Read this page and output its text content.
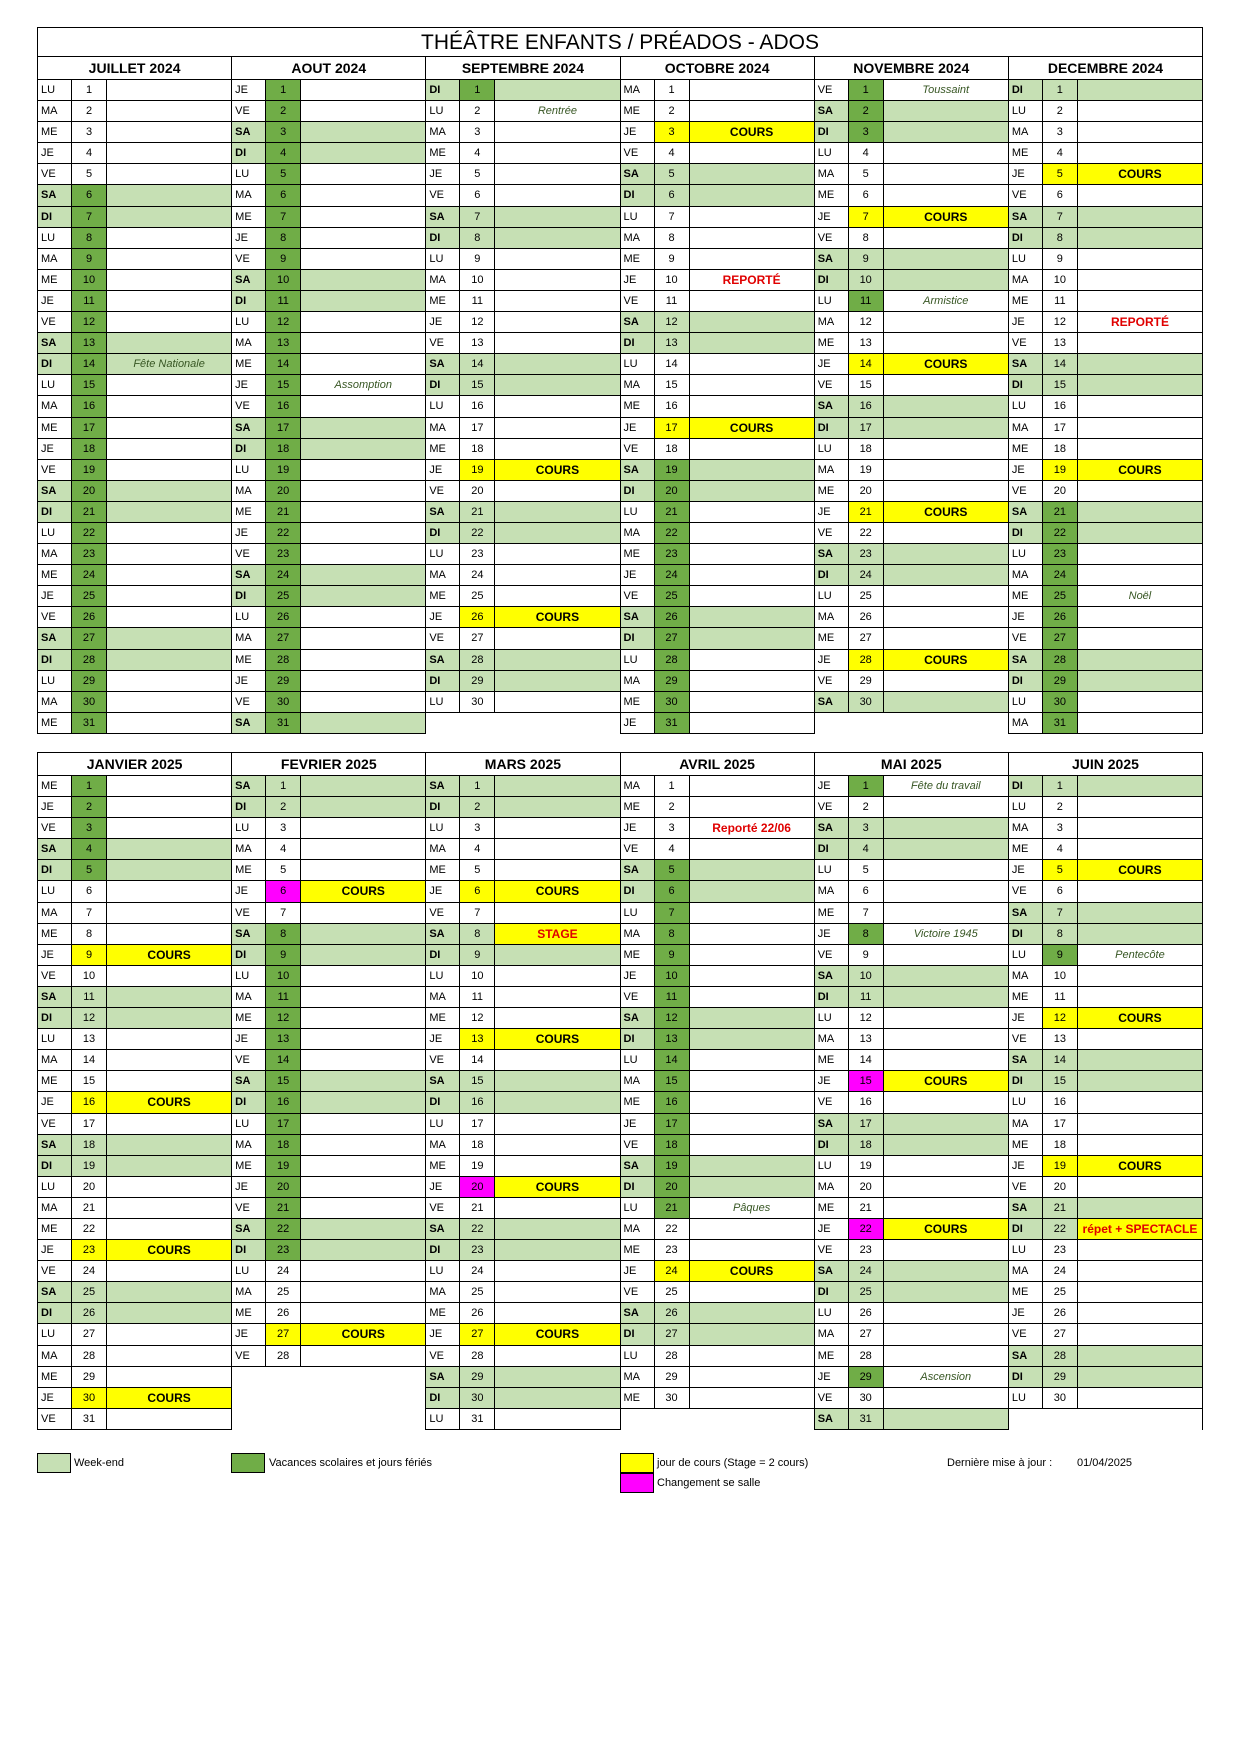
THÉÂTRE ENFANTS / PRÉADOS - ADOS
JUILLET 2024
LU	1
MA	2
ME	3
JE	4
VE	5
SA	6
DI	7
LU	8
MA	9
ME	10
JE	11
VE	12
SA	13
DI	14	Fête Nationale
LU	15
MA	16
ME	17
JE	18
VE	19
SA	20
DI	21
LU	22
MA	23
ME	24
JE	25
VE	26
SA	27
DI	28
LU	29
MA	30
ME	31
AOUT 2024
JE	1
VE	2
SA	3
DI	4
LU	5
MA	6
ME	7
JE	8
VE	9
SA	10
DI	11
LU	12
MA	13
ME	14
JE	15	Assomption
VE	16
SA	17
DI	18
LU	19
MA	20
ME	21
JE	22
VE	23
SA	24
DI	25
LU	26
MA	27
ME	28
JE	29
VE	30
SA	31
SEPTEMBRE 2024
DI	1
LU	2	Rentrée
MA	3
ME	4
JE	5
VE	6
SA	7
DI	8
LU	9
MA	10
ME	11
JE	12
VE	13
SA	14
DI	15
LU	16
MA	17
ME	18
JE	19	COURS
VE	20
SA	21
DI	22
LU	23
MA	24
ME	25
JE	26	COURS
VE	27
SA	28
DI	29
LU	30
OCTOBRE 2024
MA	1
ME	2
JE	3	COURS
VE	4
SA	5
DI	6
LU	7
MA	8
ME	9
JE	10	REPORTÉ
VE	11
SA	12
DI	13
LU	14
MA	15
ME	16
JE	17	COURS
VE	18
SA	19
DI	20
LU	21
MA	22
ME	23
JE	24
VE	25
SA	26
DI	27
LU	28
MA	29
ME	30
JE	31
NOVEMBRE 2024
VE	1	Toussaint
SA	2
DI	3
LU	4
MA	5
ME	6
JE	7	COURS
VE	8
SA	9
DI	10
LU	11	Armistice
MA	12
ME	13
JE	14	COURS
VE	15
SA	16
DI	17
LU	18
MA	19
ME	20
JE	21	COURS
VE	22
SA	23
DI	24
LU	25
MA	26
ME	27
JE	28	COURS
VE	29
SA	30
DECEMBRE 2024
DI	1
LU	2
MA	3
ME	4
JE	5	COURS
VE	6
SA	7
DI	8
LU	9
MA	10
ME	11
JE	12	REPORTÉ
VE	13
SA	14
DI	15
LU	16
MA	17
ME	18
JE	19	COURS
VE	20
SA	21
DI	22
LU	23
MA	24
ME	25	Noël
JE	26
VE	27
SA	28
DI	29
LU	30
MA	31
JANVIER 2025
ME	1
JE	2
VE	3
SA	4
DI	5
LU	6
MA	7
ME	8
JE	9	COURS
VE	10
SA	11
DI	12
LU	13
MA	14
ME	15
JE	16	COURS
VE	17
SA	18
DI	19
LU	20
MA	21
ME	22
JE	23	COURS
VE	24
SA	25
DI	26
LU	27
MA	28
ME	29
JE	30	COURS
VE	31
FEVRIER 2025
SA	1
DI	2
LU	3
MA	4
ME	5
JE	6	COURS
VE	7
SA	8
DI	9
LU	10
MA	11
ME	12
JE	13
VE	14
SA	15
DI	16
LU	17
MA	18
ME	19
JE	20
VE	21
SA	22
DI	23
LU	24
MA	25
ME	26
JE	27	COURS
VE	28
MARS 2025
SA	1
DI	2
LU	3
MA	4
ME	5
JE	6	COURS
VE	7
SA	8	STAGE
DI	9
LU	10
MA	11
ME	12
JE	13	COURS
VE	14
SA	15
DI	16
LU	17
MA	18
ME	19
JE	20	COURS
VE	21
SA	22
DI	23
LU	24
MA	25
ME	26
JE	27	COURS
VE	28
SA	29
DI	30
LU	31
AVRIL 2025
MA	1
ME	2
JE	3	Reporté 22/06
VE	4
SA	5
DI	6
LU	7
MA	8
ME	9
JE	10
VE	11
SA	12
DI	13
LU	14
MA	15
ME	16
JE	17
VE	18
SA	19
DI	20
LU	21	Pâques
MA	22
ME	23
JE	24	COURS
VE	25
SA	26
DI	27
LU	28
MA	29
ME	30
MAI 2025
JE	1	Fête du travail
VE	2
SA	3
DI	4
LU	5
MA	6
ME	7
JE	8	Victoire 1945
VE	9
SA	10
DI	11
LU	12
MA	13
ME	14
JE	15	COURS
VE	16
SA	17
DI	18
LU	19
MA	20
ME	21
JE	22	COURS
VE	23
SA	24
DI	25
LU	26
MA	27
ME	28
JE	29	Ascension
VE	30
SA	31
JUIN 2025
DI	1
LU	2
MA	3
ME	4
JE	5	COURS
VE	6
SA	7
DI	8
LU	9	Pentecôte
MA	10
ME	11
JE	12	COURS
VE	13
SA	14
DI	15
LU	16
MA	17
ME	18
JE	19	COURS
VE	20
SA	21
DI	22	répet + SPECTACLE
LU	23
MA	24
ME	25
JE	26
VE	27
SA	28
DI	29
LU	30
Week-end	Vacances scolaires et jours fériés	jour de cours (Stage = 2 cours)
Changement se salle
Dernière mise à jour : 01/04/2025
